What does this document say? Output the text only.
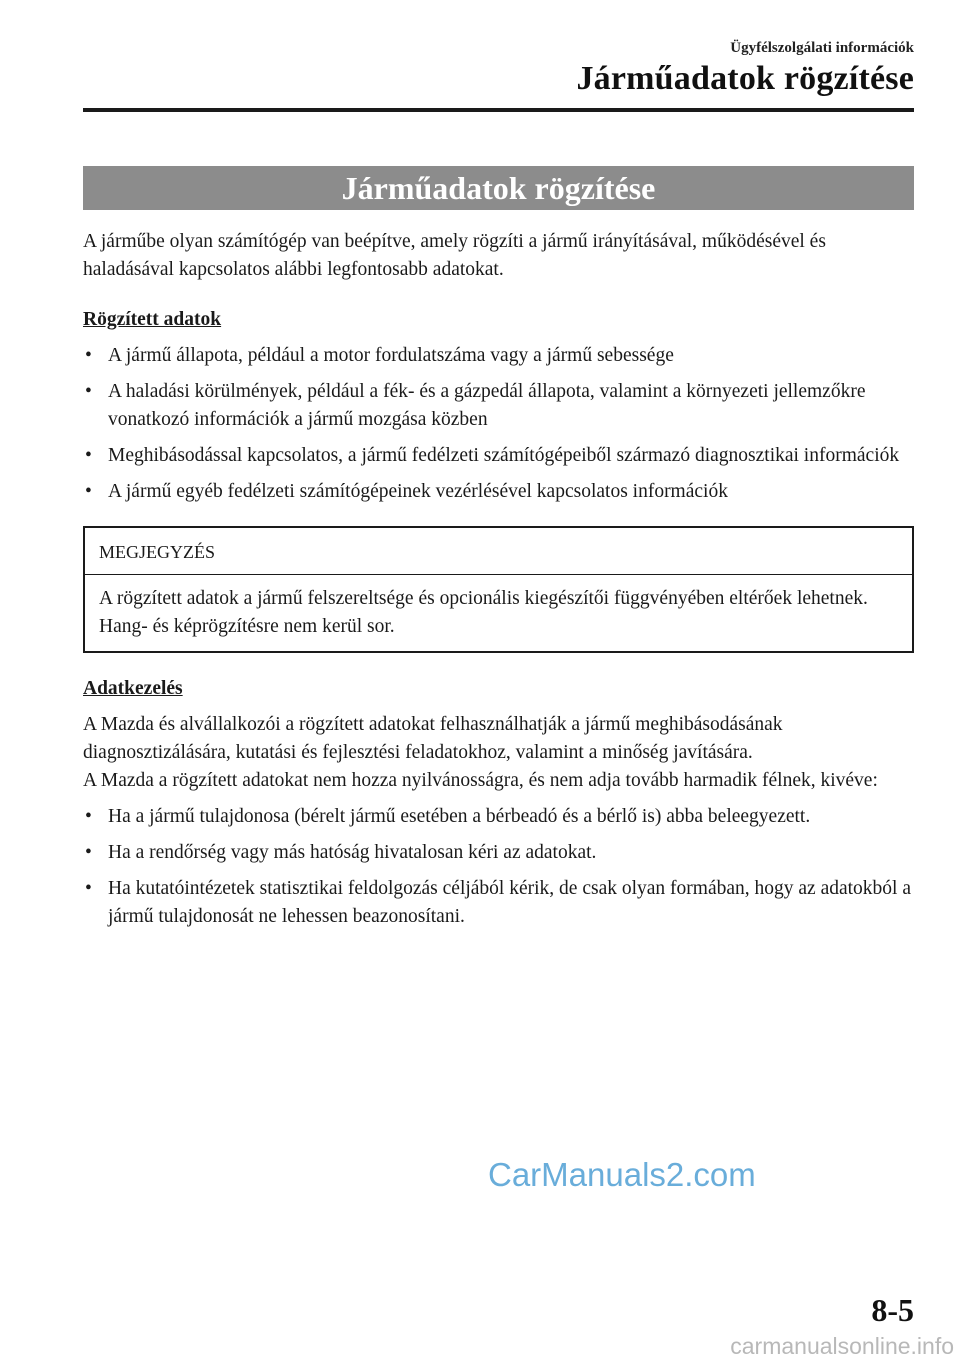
Ügyfélszolgálati információk
Járműadatok rögzítése
Járműadatok rögzítése

A járműbe olyan számítógép van beépítve, amely rögzíti a jármű irányításával, működésével és haladásával kapcsolatos alábbi legfontosabb adatokat.

Rögzített adatok

• A jármű állapota, például a motor fordulatszáma vagy a jármű sebessége
• A haladási körülmények, például a fék- és a gázpedál állapota, valamint a környezeti jellemzőkre vonatkozó információk a jármű mozgása közben
• Meghibásodással kapcsolatos, a jármű fedélzeti számítógépeiből származó diagnosztikai információk
• A jármű egyéb fedélzeti számítógépeinek vezérlésével kapcsolatos információk
MEGJEGYZÉS
A rögzített adatok a jármű felszereltsége és opcionális kiegészítői függvényében eltérőek lehetnek. Hang- és képrögzítésre nem kerül sor.

Adatkezelés

A Mazda és alvállalkozói a rögzített adatokat felhasználhatják a jármű meghibásodásának diagnosztizálására, kutatási és fejlesztési feladatokhoz, valamint a minőség javítására.

A Mazda a rögzített adatokat nem hozza nyilvánosságra, és nem adja tovább harmadik félnek, kivéve:

• Ha a jármű tulajdonosa (bérelt jármű esetében a bérbeadó és a bérlő is) abba beleegyezett.
• Ha a rendőrség vagy más hatóság hivatalosan kéri az adatokat.
• Ha kutatóintézetek statisztikai feldolgozás céljából kérik, de csak olyan formában, hogy az adatokból a jármű tulajdonosát ne lehessen beazonosítani.
CarManuals2.com
8-5
carmanualsonline.info
